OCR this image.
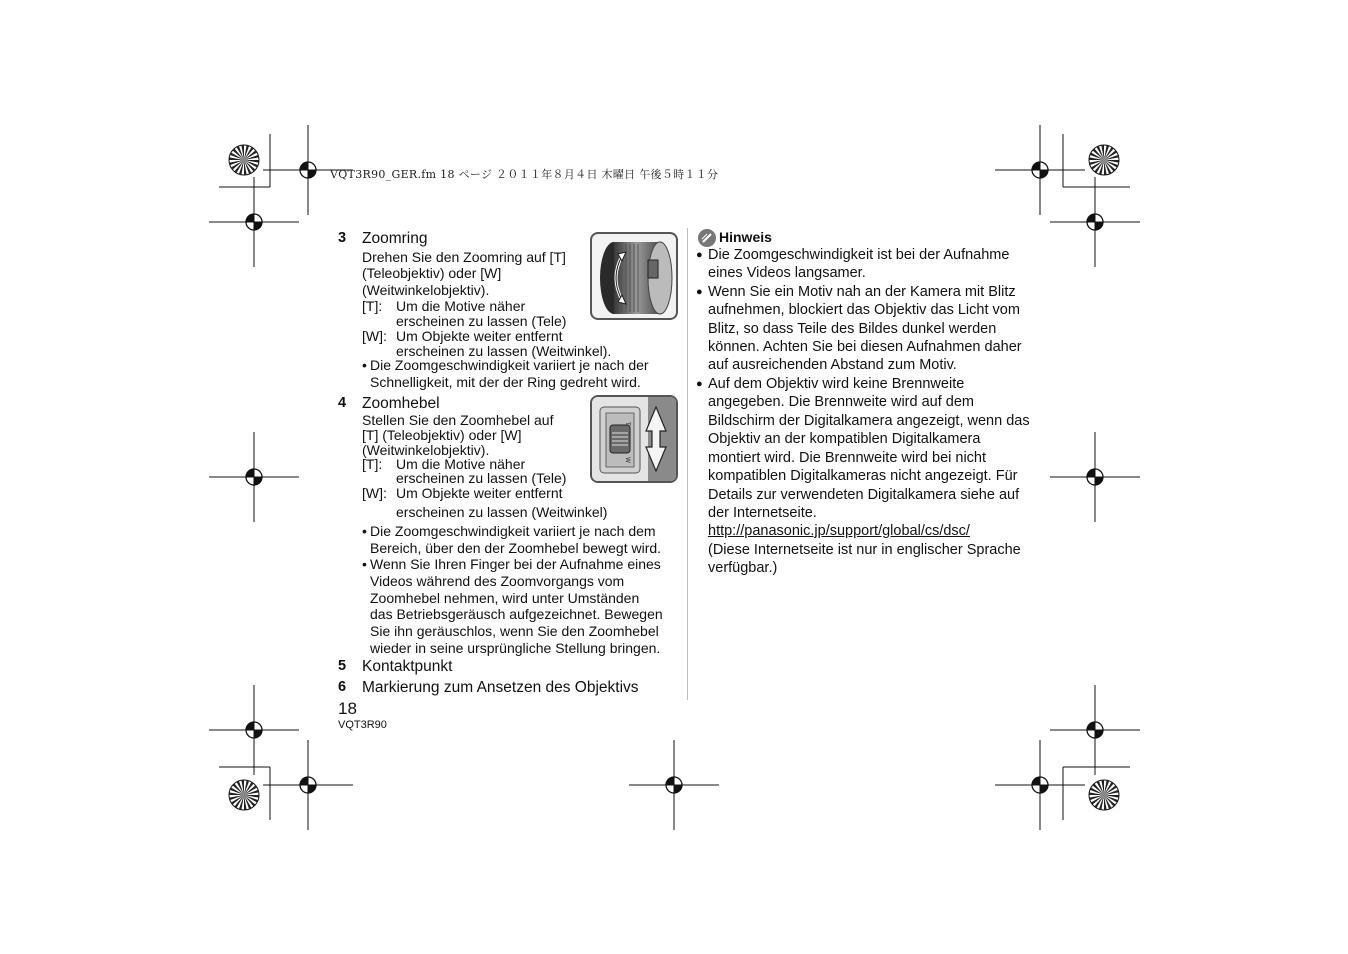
VQT3R90_GER.fm 18 ページ ２０１１年８月４日 木曜日 午後５時１１分
3 Zoomring
Drehen Sie den Zoomring auf [T]
(Teleobjektiv) oder [W]
(Weitwinkelobjektiv).
[T]: Um die Motive näher
erscheinen zu lassen (Tele)
[W]: Um Objekte weiter entfernt
erscheinen zu lassen (Weitwinkel).
• Die Zoomgeschwindigkeit variiert je nach der
Schnelligkeit, mit der der Ring gedreht wird.
4 Zoomhebel
Stellen Sie den Zoomhebel auf
[T] (Teleobjektiv) oder [W]
(Weitwinkelobjektiv).
[T]: Um die Motive näher
erscheinen zu lassen (Tele)
[W]: Um Objekte weiter entfernt
erscheinen zu lassen (Weitwinkel)
• Die Zoomgeschwindigkeit variiert je nach dem
Bereich, über den der Zoomhebel bewegt wird.
• Wenn Sie Ihren Finger bei der Aufnahme eines
Videos während des Zoomvorgangs vom
Zoomhebel nehmen, wird unter Umständen
das Betriebsgeräusch aufgezeichnet. Bewegen
Sie ihn geräuschlos, wenn Sie den Zoomhebel
wieder in seine ursprüngliche Stellung bringen.
T
W
5 Kontaktpunkt
6 Markierung zum Ansetzen des Objektivs
Hinweis
● Die Zoomgeschwindigkeit ist bei der Aufnahme
eines Videos langsamer.
● Wenn Sie ein Motiv nah an der Kamera mit Blitz
aufnehmen, blockiert das Objektiv das Licht vom
Blitz, so dass Teile des Bildes dunkel werden
können. Achten Sie bei diesen Aufnahmen daher
auf ausreichenden Abstand zum Motiv.
● Auf dem Objektiv wird keine Brennweite
angegeben. Die Brennweite wird auf dem
Bildschirm der Digitalkamera angezeigt, wenn das
Objektiv an der kompatiblen Digitalkamera
montiert wird. Die Brennweite wird bei nicht
kompatiblen Digitalkameras nicht angezeigt. Für
Details zur verwendeten Digitalkamera siehe auf
der Internetseite.
http://panasonic.jp/support/global/cs/dsc/
(Diese Internetseite ist nur in englischer Sprache
verfügbar.)
18
VQT3R90
